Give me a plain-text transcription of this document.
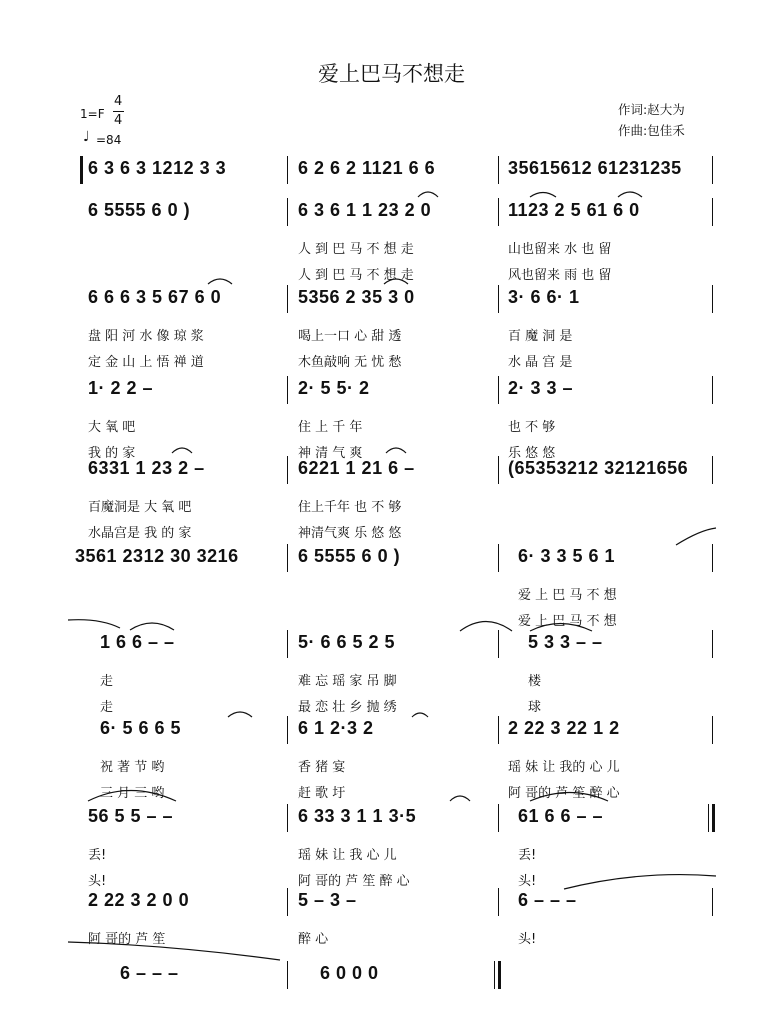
爱上巴马不想走
作词:赵大为
作曲:包佳禾
1=F
4
4
♩ =84
6 3 6 3 1212 3 3	6 2 6 2 1121 6 6	35615612 61231235
6 5555 6 0 )	6 3 6 1 1 23 2 0	1123 2 5 61 6 0
人 到 巴 马 不 想 走	山也留来 水 也 留
人 到 巴 马 不 想 走	风也留来 雨 也 留
6 6 6 3 5 67 6 0	5356 2 35 3 0	3· 6 6· 1
盘 阳 河 水 像 琼 浆	喝上一口 心 甜 透	百 魔 洞 是
定 金 山 上 悟 禅 道	木鱼敲响 无 忧 愁	水 晶 宫 是
1· 2 2 –	2· 5 5· 2	2· 3 3 –
大 氧 吧	住 上 千 年	也 不 够
我 的 家	神 清 气 爽	乐 悠 悠
6331 1 23 2 –	6221 1 21 6 –	(65353212 32121656
百魔洞是 大 氧 吧	住上千年 也 不 够
水晶宫是 我 的 家	神清气爽 乐 悠 悠
3561 2312 30 3216	6 5555 6 0 )	6· 3 3 5 6 1
爱 上 巴 马 不 想
爱 上 巴 马 不 想
1 6 6 – –	5· 6 6 5 2 5	5 3 3 – –
走	难 忘 瑶 家 吊 脚	楼
走	最 恋 壮 乡 抛 绣	球
6· 5 6 6 5	6 1 2·3 2	2 22 3 22 1 2
祝 著 节 哟	香 猪 宴	瑶 妹 让 我的 心 儿
三 月 三 哟	赶 歌 圩	阿 哥的 芦 笙 醉 心
56 5 5 – –	6 33 3 1 1 3·5	61 6 6 – –
丢!	瑶 妹 让 我 心 儿	丢!
头!	阿 哥的 芦 笙 醉 心	头!
2 22 3 2 0 0	5 – 3 –	6 – – –
阿 哥的 芦 笙	醉 心	头!
6 – – –	6 0 0 0
